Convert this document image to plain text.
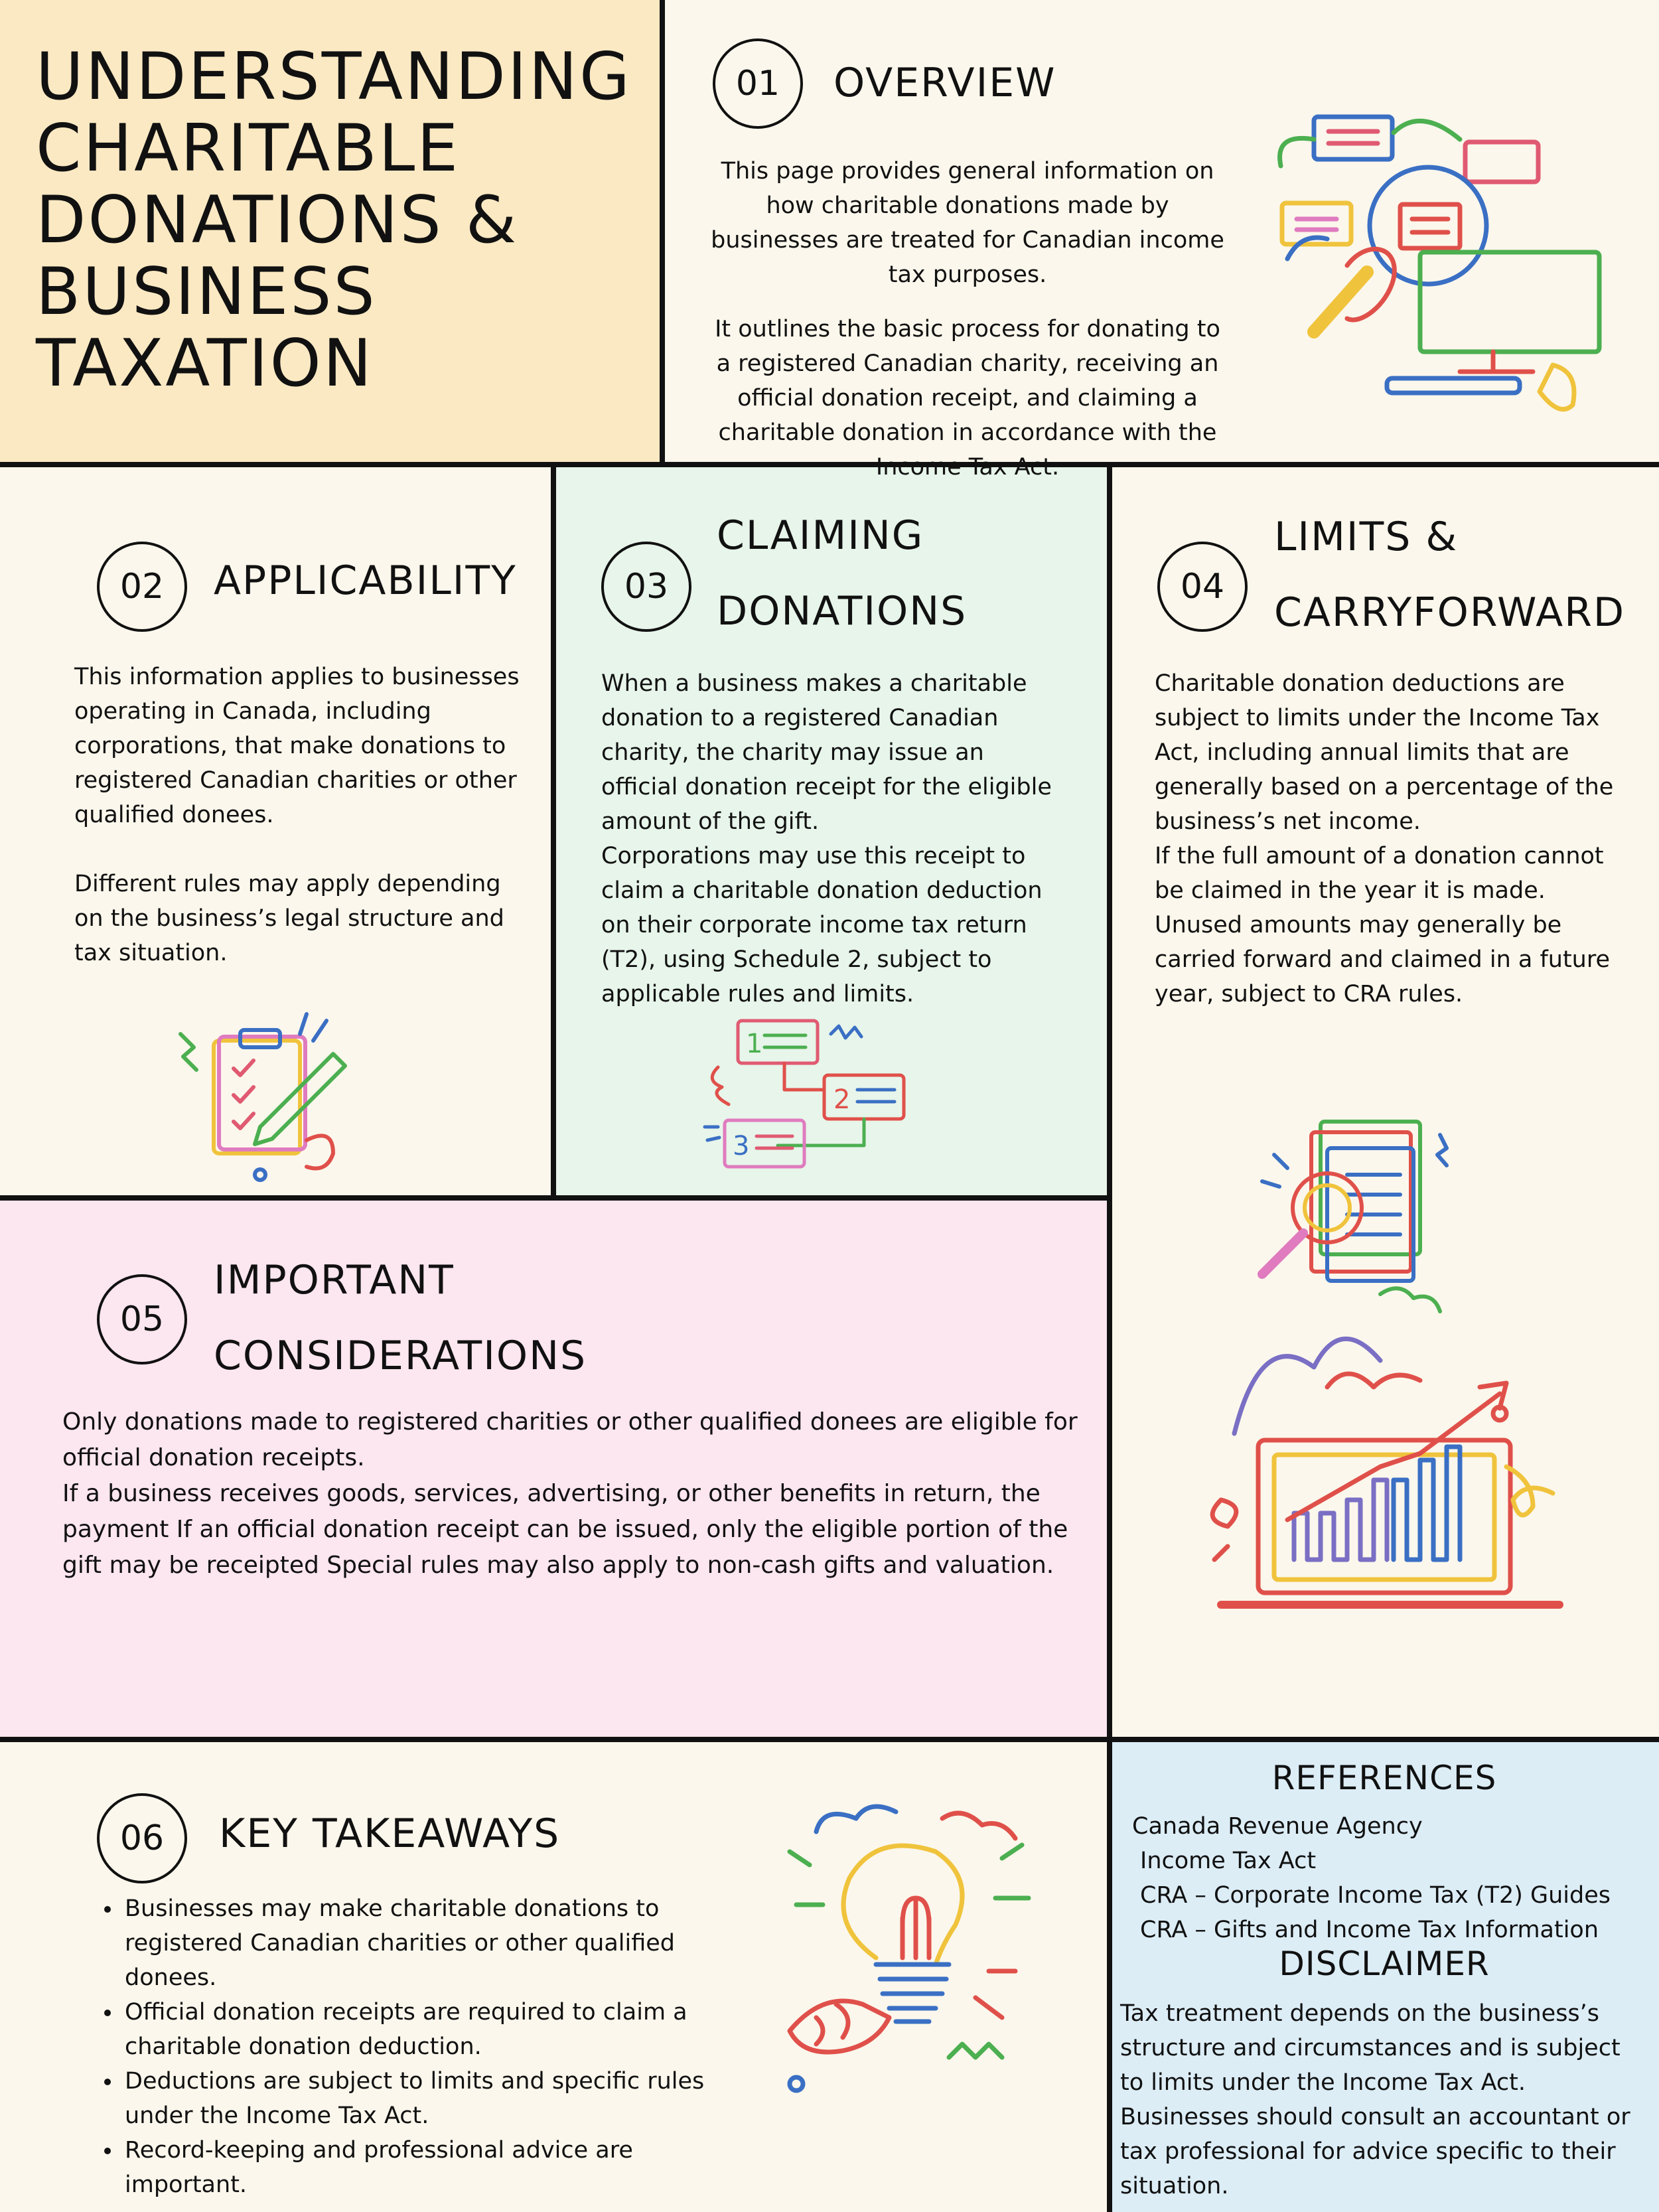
UNDERSTANDING
CHARITABLE
DONATIONS &
BUSINESS
TAXATION
01	OVERVIEW

This page provides general information on how charitable donations made by businesses are treated for Canadian income tax purposes.

It outlines the basic process for donating to a registered Canadian charity, receiving an official donation receipt, and claiming a charitable donation in accordance with the Income Tax Act.

02	APPLICABILITY

This information applies to businesses operating in Canada, including corporations, that make donations to registered Canadian charities or other qualified donees.

Different rules may apply depending on the business’s legal structure and tax situation.

03
CLAIMING
DONATIONS

When a business makes a charitable donation to a registered Canadian charity, the charity may issue an official donation receipt for the eligible amount of the gift.

Corporations may use this receipt to claim a charitable donation deduction on their corporate income tax return (T2), using Schedule 2, subject to applicable rules and limits.

1
2
3
04
LIMITS &
CARRYFORWARD

Charitable donation deductions are subject to limits under the Income Tax Act, including annual limits that are generally based on a percentage of the business’s net income.

If the full amount of a donation cannot be claimed in the year it is made. Unused amounts may generally be carried forward and claimed in a future year, subject to CRA rules.

05
IMPORTANT
CONSIDERATIONS

Only donations made to registered charities or other qualified donees are eligible for official donation receipts.

If a business receives goods, services, advertising, or other benefits in return, the payment If an official donation receipt can be issued, only the eligible portion of the gift may be receipted Special rules may also apply to non-cash gifts and valuation.

06	KEY TAKEAWAYS
• Businesses may make charitable donations to registered Canadian charities or other qualified donees.
• Official donation receipts are required to claim a charitable donation deduction.
• Deductions are subject to limits and specific rules under the Income Tax Act.
• Record-keeping and professional advice are important.
REFERENCES
Canada Revenue Agency
Income Tax Act
CRA – Corporate Income Tax (T2) Guides
CRA – Gifts and Income Tax Information
DISCLAIMER
Tax treatment depends on the business’s structure and circumstances and is subject to limits under the Income Tax Act. Businesses should consult an accountant or tax professional for advice specific to their situation.
